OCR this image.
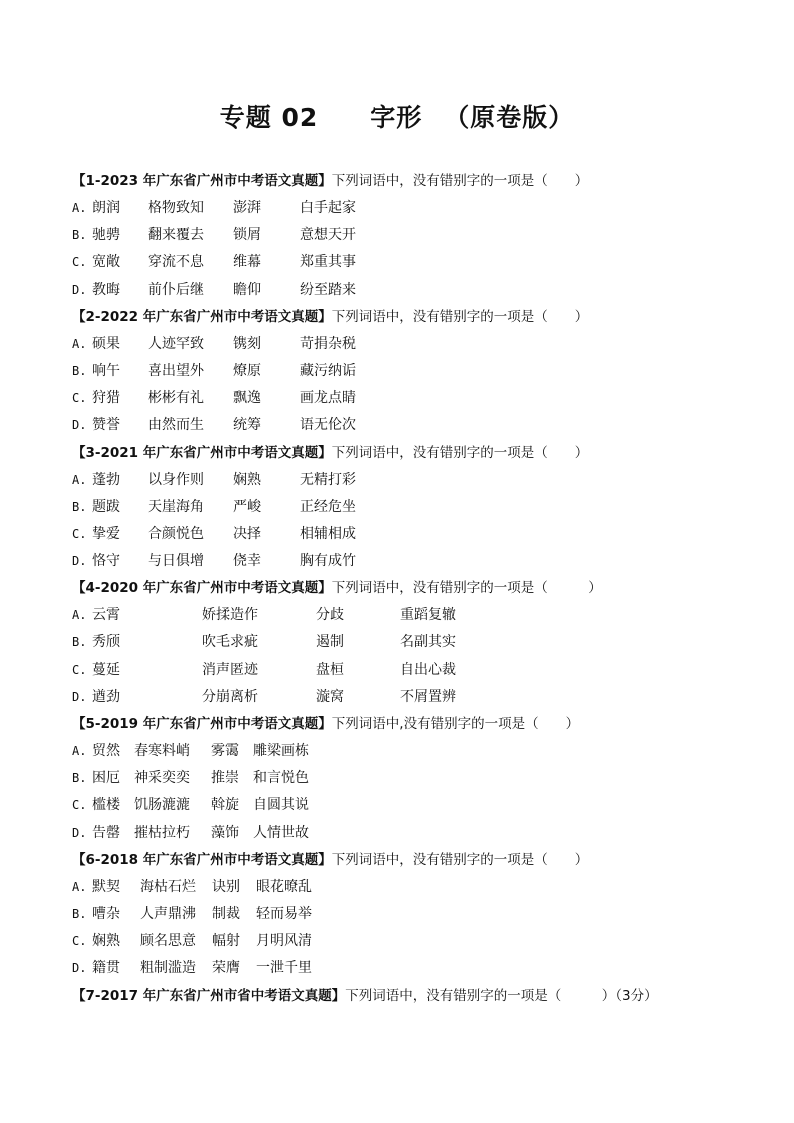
专题 02 字形 （原卷版）
【1-2023 年广东省广州市中考语文真题】下列词语中，没有错别字的一项是（　　）
A. 朗润	格物致知	澎湃	白手起家
B. 驰骋	翻来覆去	锁屑	意想天开
C. 宽敞	穿流不息	维幕	郑重其事
D. 教晦	前仆后继	瞻仰	纷至踏来
【2-2022 年广东省广州市中考语文真题】下列词语中，没有错别字的一项是（　　）
A. 硕果	人迹罕致	镌刻	苛捐杂税
B. 响午	喜出望外	燎原	藏污纳诟
C. 狩猎	彬彬有礼	飘逸	画龙点睛
D. 赞誉	由然而生	统筹	语无伦次
【3-2021 年广东省广州市中考语文真题】下列词语中，没有错别字的一项是（　　）
A. 蓬勃	以身作则	娴熟	无精打彩
B. 题跋	天崖海角	严峻	正经危坐
C. 挚爱	合颜悦色	决择	相辅相成
D. 恪守	与日俱增	侥幸	胸有成竹
【4-2020 年广东省广州市中考语文真题】下列词语中，没有错别字的一项是（　　　）
A. 云霄	娇揉造作	分歧	重蹈复辙
B. 秀颀	吹毛求疵	遏制	名副其实
C. 蔓延	消声匿迹	盘桓	自出心裁
D. 遒劲	分崩离析	漩窝	不屑置辨
【5-2019 年广东省广州市中考语文真题】下列词语中,没有错别字的一项是（　　）
A. 贸然	春寒料峭	雾霭	雕梁画栋
B. 困厄	神采奕奕	推崇	和言悦色
C. 槛楼	饥肠漉漉	斡旋	自圆其说
D. 告罄	摧枯拉朽	藻饰	人情世故
【6-2018 年广东省广州市中考语文真题】下列词语中，没有错别字的一项是（　　）
A. 默契	海枯石烂	诀别	眼花暸乱
B. 嘈杂	人声鼎沸	制裁	轻而易举
C. 娴熟	顾名思意	幅射	月明风清
D. 籍贯	粗制滥造	荣膺	一泄千里
【7-2017 年广东省广州市省中考语文真题】下列词语中，没有错别字的一项是（　　　）（3分）
